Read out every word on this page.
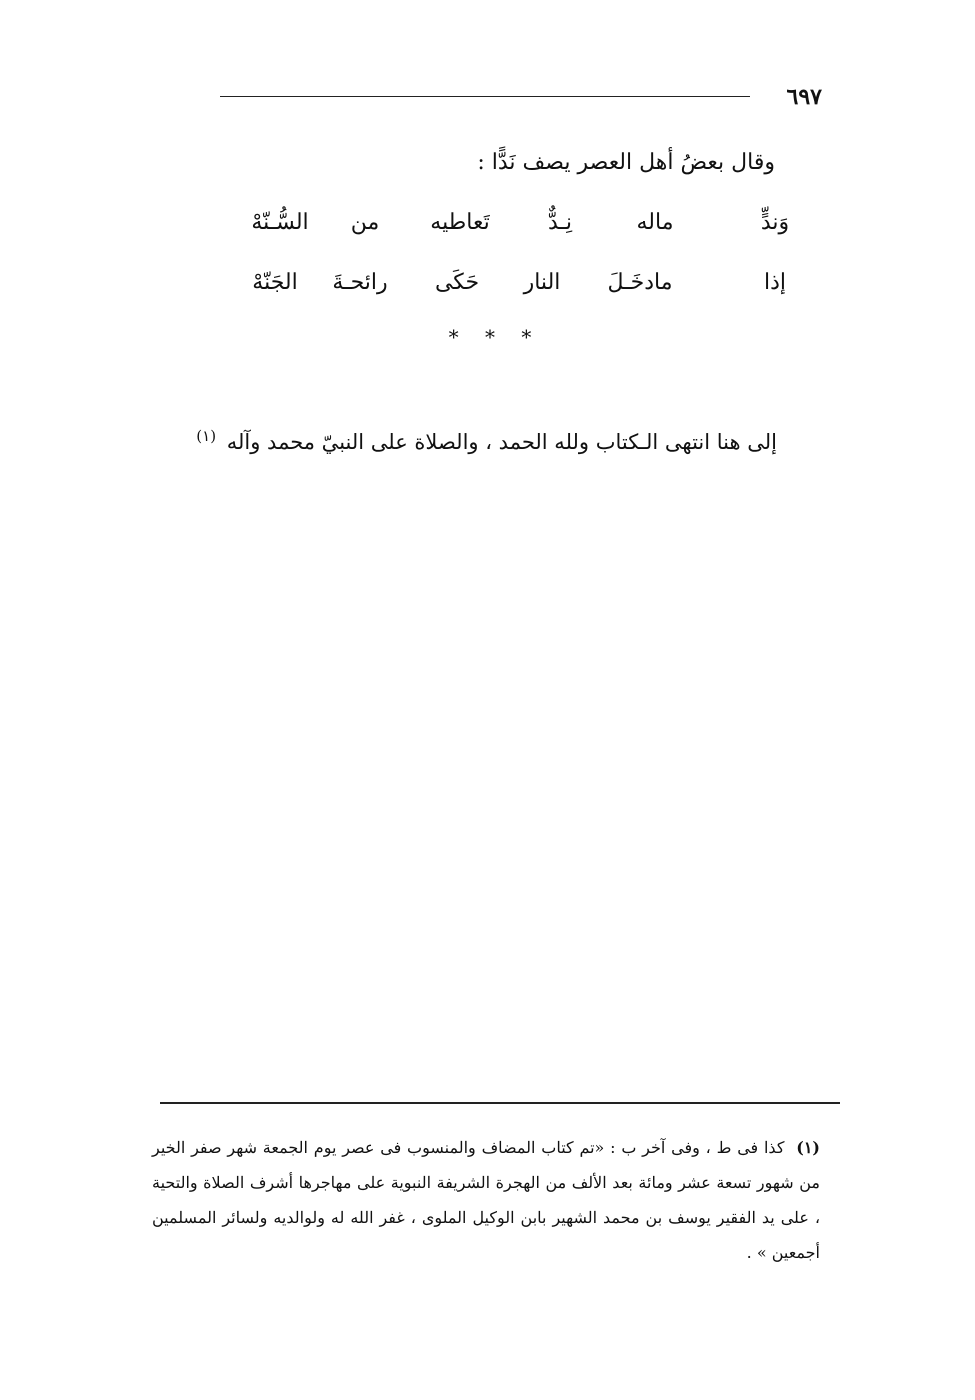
٦٩٧
وقال بعضُ أهل العصر يصف نَدًّا :
وَندٍّ
ماله
نِـدٌّ
تَعاطيه
من
السُّـنّهْ
إذا
مادخَـلَ
النار
حَكَى
رائحـةَ
الجَنّهْ
* * *
إلى هنا انتهى الـكتاب ولله الحمد ، والصلاة على النبيّ محمد وآله $^{(١)}$
(١) كذا فى ط ، وفى آخر ب : «تم كتاب المضاف والمنسوب فى عصر يوم الجمعة شهر صفر الخير من شهور تسعة عشر ومائة بعد الألف من الهجرة الشريفة النبوية على مهاجرها أشرف الصلاة والتحية ، على يد الفقير يوسف بن محمد الشهير بابن الوكيل الملوى ، غفر الله له ولوالديه ولسائر المسلمين أجمعين » .
